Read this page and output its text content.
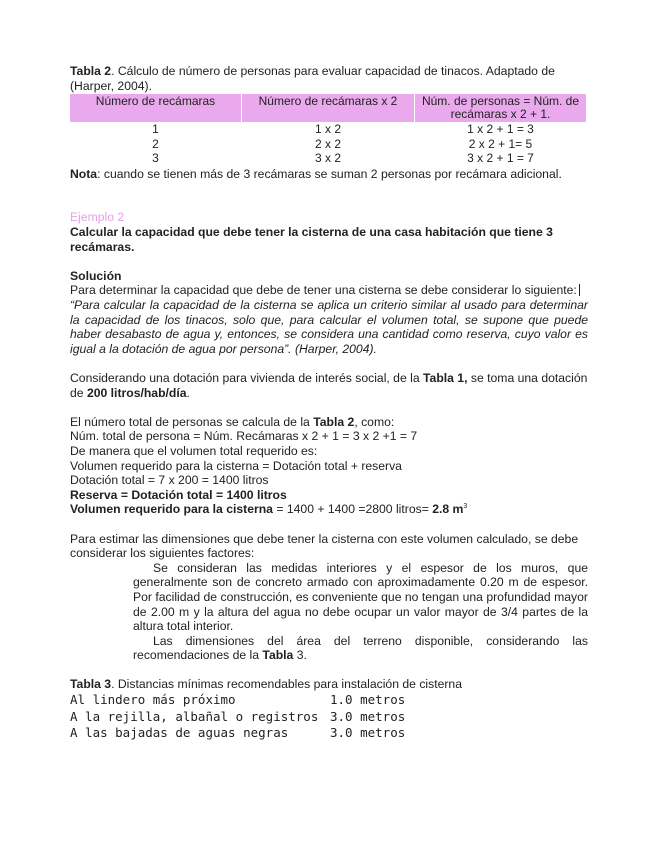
Tabla 2. Cálculo de número de personas para evaluar capacidad de tinacos. Adaptado de (Harper, 2004).

Número de recámaras	Número de recámaras x 2	Núm. de personas = Núm. de recámaras x 2 + 1.
1	1 x 2	1 x 2 + 1 = 3
2	2 x 2	2 x 2 + 1= 5
3	3 x 2	3 x 2 + 1 = 7

Nota: cuando se tienen más de 3 recámaras se suman 2 personas por recámara adicional.

Ejemplo 2

Calcular la capacidad que debe tener la cisterna de una casa habitación que tiene 3 recámaras.

Solución

Para determinar la capacidad que debe de tener una cisterna se debe considerar lo siguiente:

“Para calcular la capacidad de la cisterna se aplica un criterio similar al usado para determinar la capacidad de los tinacos, solo que, para calcular el volumen total, se supone que puede haber desabasto de agua y, entonces, se considera una cantidad como reserva, cuyo valor es igual a la dotación de agua por persona”. (Harper, 2004).

Considerando una dotación para vivienda de interés social, de la Tabla 1, se toma una dotación de 200 litros/hab/día.

El número total de personas se calcula de la Tabla 2, como:

Núm. total de persona = Núm. Recámaras x 2 + 1 = 3 x 2 +1 = 7

De manera que el volumen total requerido es:

Volumen requerido para la cisterna = Dotación total + reserva

Dotación total = 7 x 200 = 1400 litros

Reserva = Dotación total = 1400 litros

Volumen requerido para la cisterna = 1400 + 1400 =2800 litros= 2.8 $m^3$

Para estimar las dimensiones que debe tener la cisterna con este volumen calculado, se debe considerar los siguientes factores:

Se consideran las medidas interiores y el espesor de los muros, que generalmente son de concreto armado con aproximadamente 0.20 m de espesor. Por facilidad de construcción, es conveniente que no tengan una profundidad mayor de 2.00 m y la altura del agua no debe ocupar un valor mayor de 3/4 partes de la altura total interior.

Las dimensiones del área del terreno disponible, considerando las recomendaciones de la Tabla 3.

Tabla 3. Distancias mínimas recomendables para instalación de cisterna

Al lindero más próximo	1.0 metros
A la rejilla, albañal o registros 3.0 metros
A las bajadas de aguas negras	3.0 metros
